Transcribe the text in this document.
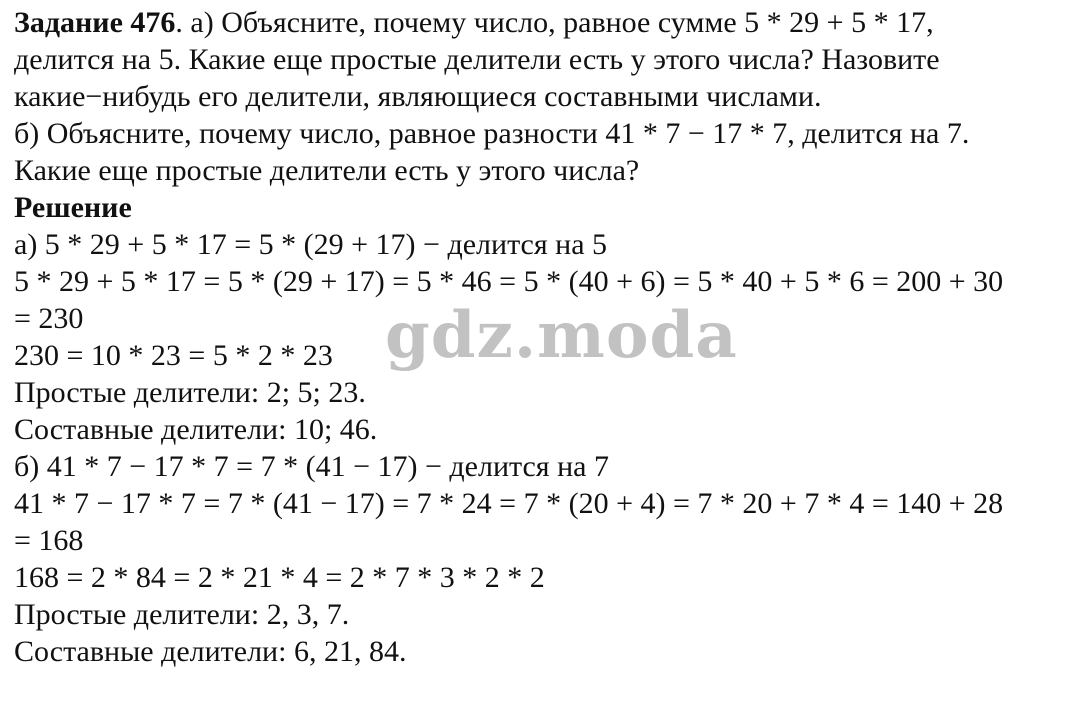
Задание 476. а) Объясните, почему число, равное сумме 5 * 29 + 5 * 17,
делится на 5. Какие еще простые делители есть у этого числа? Назовите
какие−нибудь его делители, являющиеся составными числами.
б) Объясните, почему число, равное разности 41 * 7 − 17 * 7, делится на 7.
Какие еще простые делители есть у этого числа?
Решение
а) 5 * 29 + 5 * 17 = 5 * (29 + 17) − делится на 5
5 * 29 + 5 * 17 = 5 * (29 + 17) = 5 * 46 = 5 * (40 + 6) = 5 * 40 + 5 * 6 = 200 + 30
= 230
230 = 10 * 23 = 5 * 2 * 23
Простые делители: 2; 5; 23.
Составные делители: 10; 46.
б) 41 * 7 − 17 * 7 = 7 * (41 − 17) − делится на 7
41 * 7 − 17 * 7 = 7 * (41 − 17) = 7 * 24 = 7 * (20 + 4) = 7 * 20 + 7 * 4 = 140 + 28
= 168
168 = 2 * 84 = 2 * 21 * 4 = 2 * 7 * 3 * 2 * 2
Простые делители: 2, 3, 7.
Составные делители: 6, 21, 84.
gdz.moda
